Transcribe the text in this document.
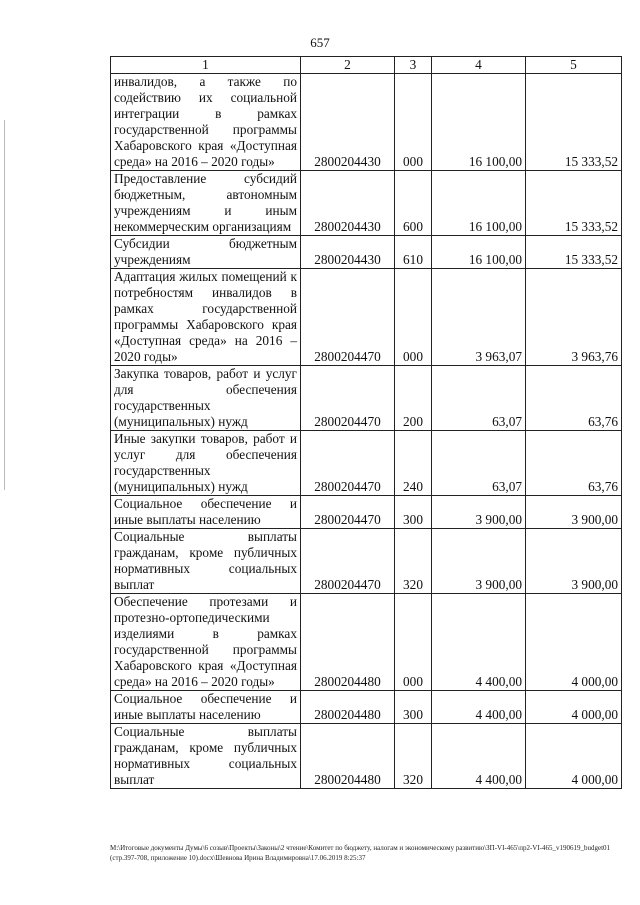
657
1	2	3	4	5
инвалидов, а также по содействию их социальной интеграции в рамках государственной программы Хабаровского края «Доступная среда» на 2016 – 2020 годы»	2800204430	000	16 100,00	15 333,52
Предоставление субсидий бюджетным, автономным учреждениям и иным некоммерческим организациям	2800204430	600	16 100,00	15 333,52
Субсидии бюджетным учреждениям	2800204430	610	16 100,00	15 333,52
Адаптация жилых помещений к потребностям инвалидов в рамках государственной программы Хабаровского края «Доступная среда» на 2016 – 2020 годы»	2800204470	000	3 963,07	3 963,76
Закупка товаров, работ и услуг для обеспечения государственных (муниципальных) нужд	2800204470	200	63,07	63,76
Иные закупки товаров, работ и услуг для обеспечения государственных (муниципальных) нужд	2800204470	240	63,07	63,76
Социальное обеспечение и иные выплаты населению	2800204470	300	3 900,00	3 900,00
Социальные выплаты гражданам, кроме публичных нормативных социальных выплат	2800204470	320	3 900,00	3 900,00
Обеспечение протезами и протезно-ортопедическими изделиями в рамках государственной программы Хабаровского края «Доступная среда» на 2016 – 2020 годы»	2800204480	000	4 400,00	4 000,00
Социальное обеспечение и иные выплаты населению	2800204480	300	4 400,00	4 000,00
Социальные выплаты гражданам, кроме публичных нормативных социальных выплат	2800204480	320	4 400,00	4 000,00
M:\Итоговые документы Думы\6 созыв\Проекты\Законы\2 чтение\Комитет по бюджету, налогам и экономическому развитию\ЗП-VI-465\пр2-VI-465_v190619_budget01 (стр.397-708, приложение 10).docx\Шевнова Ирина Владимировна\17.06.2019 8:25:37
